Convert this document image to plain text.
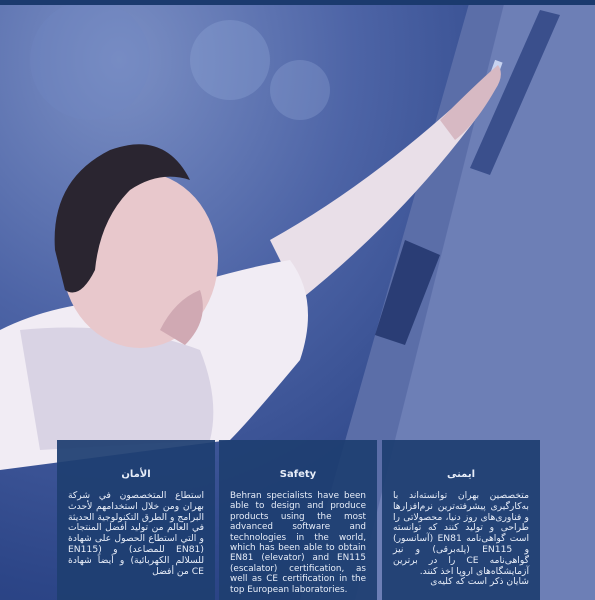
الأمان

استطاع المتخصصون في شركة بهران ومن خلال استخدامهم لأحدث البرامج و الطرق التكنولوجية الحديثة في العالم من تولید أفضل المنتجات و التي استطاع الحصول على شهادة (EN81 للمصاعد) و (EN115 للسلالم الكهربائية) و أيضاً شهادة CE من أفضل

Safety

Behran specialists have been able to design and produce products using the most advanced software and technologies in the world, which has been able to obtain EN81 (elevator) and EN115 (escalator) certification, as well as CE certification in the top European laboratories.

ایمنی

متخصصین بهران توانسته‌اند با به‌کارگیری پیشرفته‌ترین نرم‌افزارها و فناوری‌های روز دنیا، محصولاتی را طراحی و تولید کنند که توانسته است گواهی‌نامه EN81 (آسانسور) و EN115 (پله‌برقی) و نیز گواهی‌نامه CE را در برترین آزمایشگاه‌های اروپا اخذ کنند.

شایان ذکر است که کلیه‌ی
